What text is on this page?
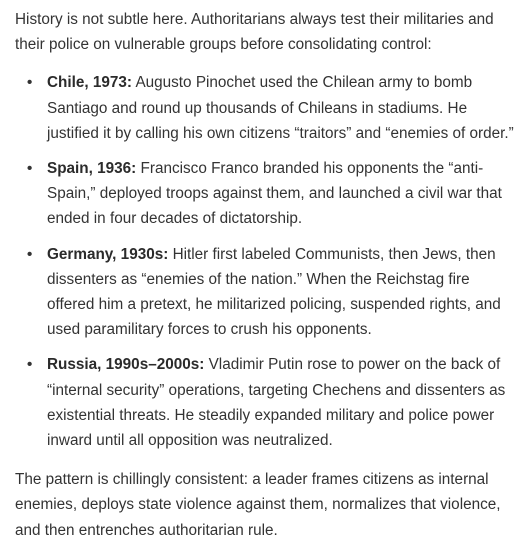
History is not subtle here. Authoritarians always test their militaries and their police on vulnerable groups before consolidating control:

• Chile, 1973: Augusto Pinochet used the Chilean army to bomb Santiago and round up thousands of Chileans in stadiums. He justified it by calling his own citizens “traitors” and “enemies of order.”
• Spain, 1936: Francisco Franco branded his opponents the “anti-Spain,” deployed troops against them, and launched a civil war that ended in four decades of dictatorship.
• Germany, 1930s: Hitler first labeled Communists, then Jews, then dissenters as “enemies of the nation.” When the Reichstag fire offered him a pretext, he militarized policing, suspended rights, and used paramilitary forces to crush his opponents.
• Russia, 1990s–2000s: Vladimir Putin rose to power on the back of “internal security” operations, targeting Chechens and dissenters as existential threats. He steadily expanded military and police power inward until all opposition was neutralized.

The pattern is chillingly consistent: a leader frames citizens as internal enemies, deploys state violence against them, normalizes that violence, and then entrenches authoritarian rule.
